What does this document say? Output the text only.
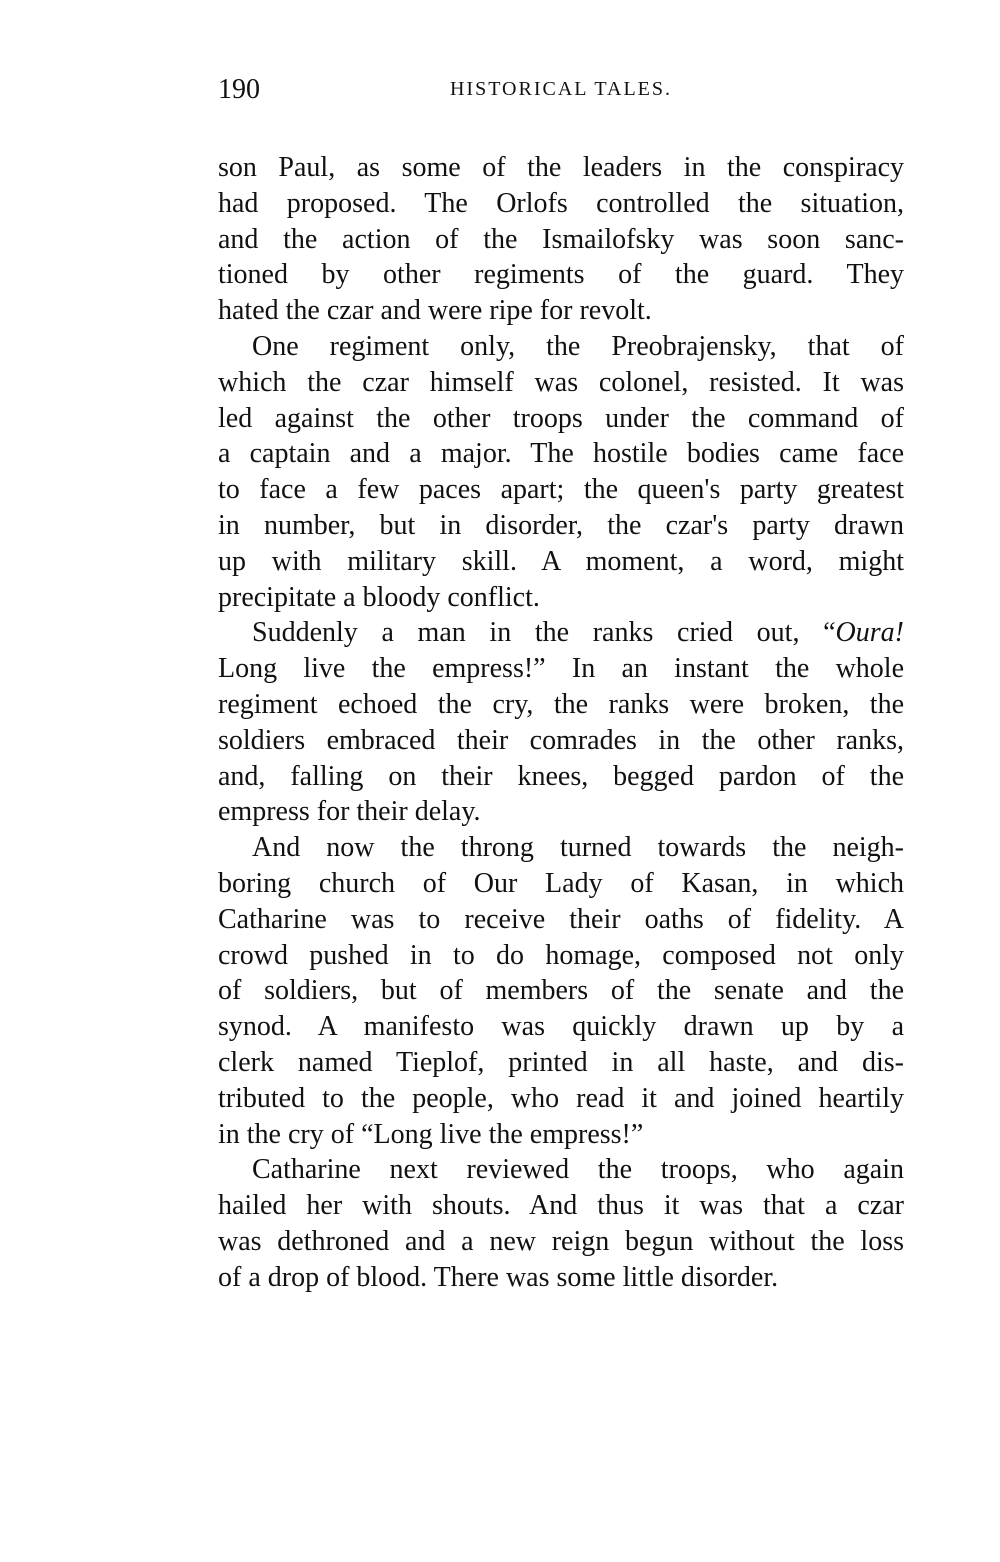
190	HISTORICAL TALES.
son Paul, as some of the leaders in the conspiracy
had proposed. The Orlofs controlled the situation,
and the action of the Ismailofsky was soon sanc-
tioned by other regiments of the guard. They
hated the czar and were ripe for revolt.
One regiment only, the Preobrajensky, that of
which the czar himself was colonel, resisted. It was
led against the other troops under the command of
a captain and a major. The hostile bodies came face
to face a few paces apart; the queen's party greatest
in number, but in disorder, the czar's party drawn
up with military skill. A moment, a word, might
precipitate a bloody conflict.
Suddenly a man in the ranks cried out, “Oura!
Long live the empress!” In an instant the whole
regiment echoed the cry, the ranks were broken, the
soldiers embraced their comrades in the other ranks,
and, falling on their knees, begged pardon of the
empress for their delay.
And now the throng turned towards the neigh-
boring church of Our Lady of Kasan, in which
Catharine was to receive their oaths of fidelity. A
crowd pushed in to do homage, composed not only
of soldiers, but of members of the senate and the
synod. A manifesto was quickly drawn up by a
clerk named Tieplof, printed in all haste, and dis-
tributed to the people, who read it and joined heartily
in the cry of “Long live the empress!”
Catharine next reviewed the troops, who again
hailed her with shouts. And thus it was that a czar
was dethroned and a new reign begun without the loss
of a drop of blood. There was some little disorder.
